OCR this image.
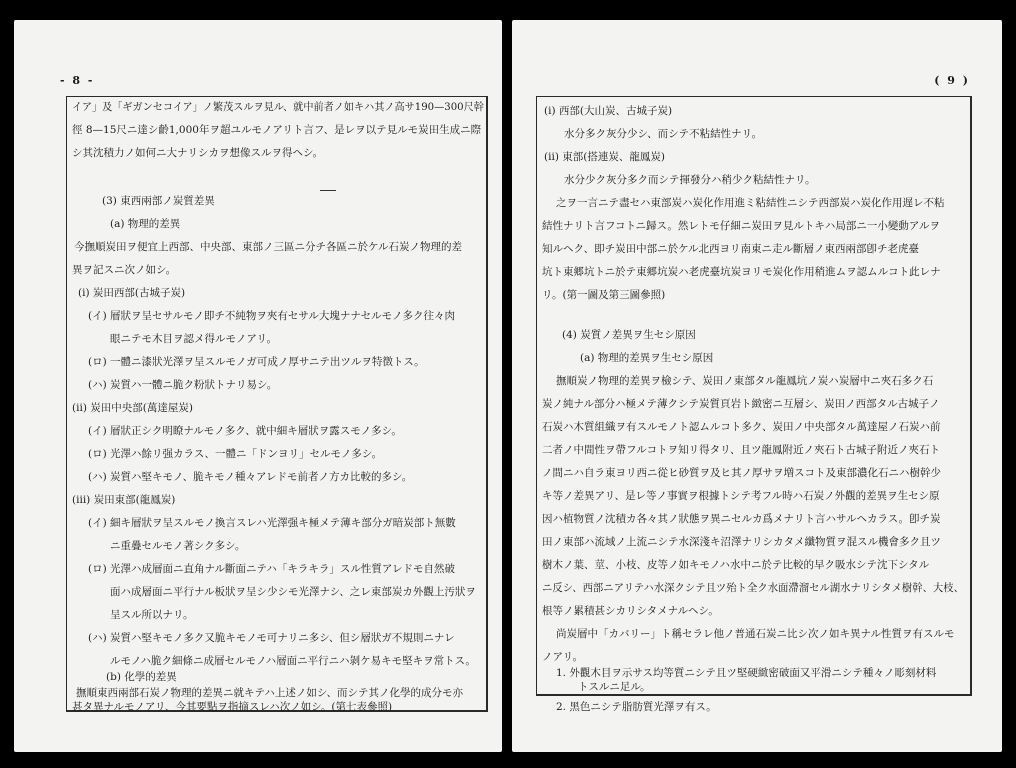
- 8 -
イア」及「ギガンセコイア」ノ繁茂スルヲ見ル、就中前者ノ如キハ其ノ高サ190—300尺幹
徑 8—15尺ニ達シ齡1,000年ヲ超ユルモノアリト言フ、是レヲ以テ見ルモ炭田生成ニ際
シ其沈積力ノ如何ニ大ナリシカヲ想像スルヲ得ヘシ。
(3) 東西兩部ノ炭質差異
(a) 物理的差異
今撫順炭田ヲ便宜上西部、中央部、東部ノ三區ニ分チ各區ニ於ケル石炭ノ物理的差
異ヲ記スニ次ノ如シ。
(i) 炭田西部(古城子炭)
(イ) 層狀ヲ呈セサルモノ即チ不純物ヲ夾有セサル大塊ナナセルモノ多ク往々肉
眼ニテモ木目ヲ認メ得ルモノアリ。
(ロ) 一體ニ漆狀光澤ヲ呈スルモノガ可成ノ厚サニテ出ツルヲ特徴トス。
(ハ) 炭質ハ一體ニ脆ク粉狀トナリ易シ。
(ii) 炭田中央部(萬達屋炭)
(イ) 層狀正シク明瞭ナルモノ多ク、就中細キ層狀ヲ露スモノ多シ。
(ロ) 光澤ハ餘リ强カラス、一體ニ「ドンヨリ」セルモノ多シ。
(ハ) 炭質ハ堅キモノ、脆キモノ種々アレドモ前者ノ方カ比較的多シ。
(iii) 炭田東部(龍鳳炭)
(イ) 細キ層狀ヲ呈スルモノ換言スレハ光澤强キ極メテ薄キ部分ガ暗炭部ト無數
ニ重疊セルモノ著シク多シ。
(ロ) 光澤ハ成層面ニ直角ナル斷面ニテハ「キラキラ」スル性質アレドモ自然破
面ハ成層面ニ平行ナル板狀ヲ呈シ少シモ光澤ナシ、之レ東部炭カ外觀上汚狀ヲ
呈スル所以ナリ。
(ハ) 炭質ハ堅キモノ多ク又脆キモノモ可ナリニ多シ、但シ層狀ガ不規則ニナレ
ルモノハ脆ク細條ニ成層セルモノハ層面ニ平行ニハ剝ケ易キモ堅キヲ常トス。
(b) 化學的差異
撫順東西兩部石炭ノ物理的差異ニ就キテハ上述ノ如シ、而シテ其ノ化學的成分モ亦
甚タ異ナルモノアリ、今其要點ヲ指摘スレハ次ノ如シ。(第七表參照)
( 9 )
(i) 西部(大山炭、古城子炭)
水分多ク灰分少シ、而シテ不粘結性ナリ。
(ii) 東部(搭連炭、龍鳳炭)
水分少ク灰分多ク而シテ揮發分ハ稍少ク粘結性ナリ。
之ヲ一言ニテ盡セハ東部炭ハ炭化作用進ミ粘結性ニシテ西部炭ハ炭化作用遅レ不粘
結性ナリト言フコトニ歸ス。然レトモ仔細ニ炭田ヲ見ルトキハ局部ニ一小變動アルヲ
知ルヘク、即チ炭田中部ニ於ケル北西ヨリ南東ニ走ル斷層ノ東西兩部卽チ老虎臺
坑ト東郷坑トニ於テ東郷坑炭ハ老虎臺坑炭ヨリモ炭化作用稍進ムヲ認ムルコト此レナ
リ。(第一圖及第三圖參照)
(4) 炭質ノ差異ヲ生セシ原因
(a) 物理的差異ヲ生セシ原因
撫順炭ノ物理的差異ヲ檢シテ、炭田ノ東部タル龍鳳坑ノ炭ハ炭層中ニ夾石多ク石
炭ノ純ナル部分ハ極メテ薄クシテ炭質頁岩ト緻密ニ互層シ、炭田ノ西部タル古城子ノ
石炭ハ木質組織ヲ有スルモノト認ムルコト多ク、炭田ノ中央部タル萬達屋ノ石炭ハ前
二者ノ中間性ヲ帶フルコトヲ知リ得タリ、且ツ龍鳳附近ノ夾石ト古城子附近ノ夾石ト
ノ間ニハ自ラ東ヨリ西ニ從ヒ砂質ヲ及ヒ其ノ厚サヲ増スコト及東部濃化石ニハ樹幹少
キ等ノ差異アリ、是レ等ノ事實ヲ根據トシテ考フル時ハ石炭ノ外觀的差異ヲ生セシ原
因ハ植物質ノ沈積カ各々其ノ狀態ヲ異ニセルカ爲メナリト言ハサルヘカラス。卽チ炭
田ノ東部ハ流域ノ上流ニシテ水深淺キ沼澤ナリシカタメ纖物質ヲ混スル機會多ク且ツ
樹木ノ葉、莖、小枝、皮等ノ如キモノハ水中ニ於テ比較的早ク吸水シテ沈下シタル
ニ反シ、西部ニアリテハ水深クシテ且ツ殆ト全ク水面滯溜セル湖水ナリシタメ樹幹、大枝、
根等ノ累積甚シカリシタメナルヘシ。
尚炭層中「カバリー」ト稱セラレ他ノ普通石炭ニ比シ次ノ如キ異ナル性質ヲ有スルモ
ノアリ。
1. 外觀木目ヲ示サス均等質ニシテ且ツ堅硬緻密破面又平滑ニシテ種々ノ彫刻材料
トスルニ足ル。
2. 黑色ニシテ脂肪質光澤ヲ有ス。
